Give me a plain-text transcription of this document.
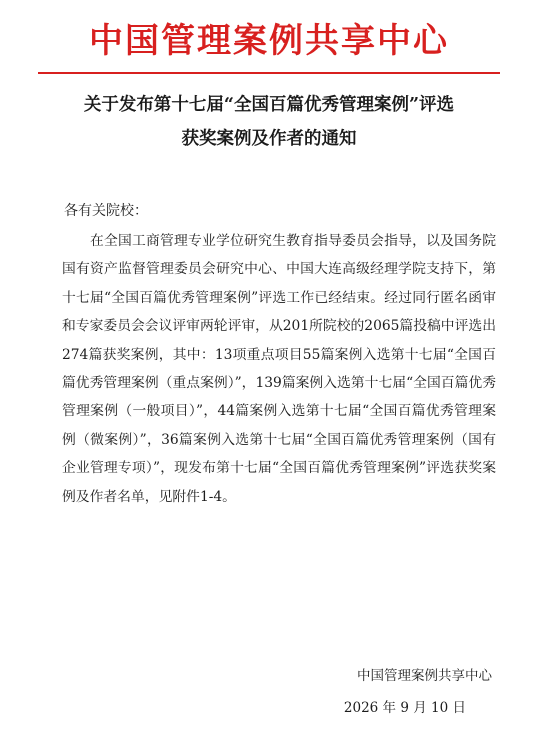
中国管理案例共享中心
关于发布第十七届“全国百篇优秀管理案例”评选
获奖案例及作者的通知
各有关院校：
在全国工商管理专业学位研究生教育指导委员会指导，以及国务院国有资产监督管理委员会研究中心、中国大连高级经理学院支持下，第十七届“全国百篇优秀管理案例”评选工作已经结束。经过同行匿名函审和专家委员会会议评审两轮评审，从201所院校的2065篇投稿中评选出274篇获奖案例，其中：13项重点项目55篇案例入选第十七届“全国百篇优秀管理案例（重点案例）”，139篇案例入选第十七届“全国百篇优秀管理案例（一般项目）”，44篇案例入选第十七届“全国百篇优秀管理案例（微案例）”，36篇案例入选第十七届“全国百篇优秀管理案例（国有企业管理专项）”，现发布第十七届“全国百篇优秀管理案例”评选获奖案例及作者名单，见附件1-4。
中国管理案例共享中心
2026 年 9 月 10 日
